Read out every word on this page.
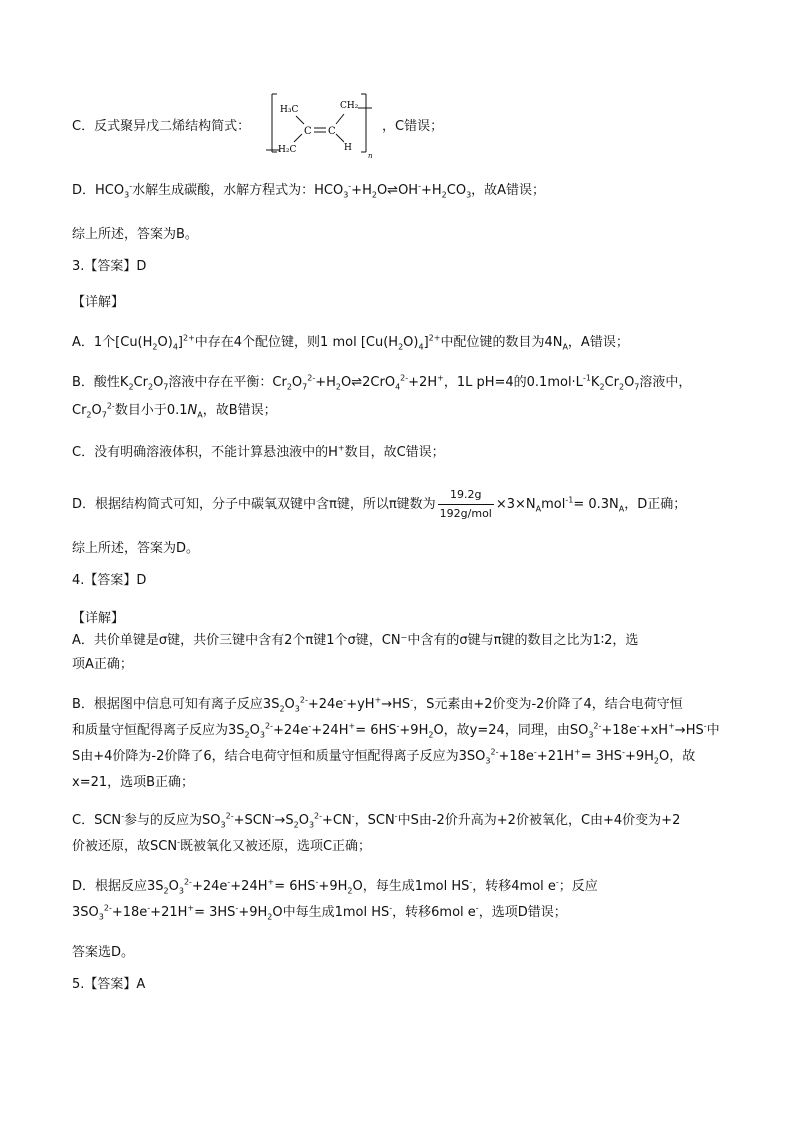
C．反式聚异戊二烯结构简式：
H₃C	CH₂
C C
H₂C	H
n
，C错误；
D．$HCO_3^-$水解生成碳酸，水解方程式为：$HCO_3^-+H_2O\rightleftharpoons OH^-+H_2CO_3$，故A错误；
综上所述，答案为B。
3.【答案】D
【详解】
A．1个$[Cu(H_2O)_4]^{2+}$中存在4个配位键，则1 mol $[Cu(H_2O)_4]^{2+}$中配位键的数目为$4N_A$，A错误；
B．酸性$K_2Cr_2O_7$溶液中存在平衡：$Cr_2O_7^{2-}+H_2O\rightleftharpoons 2CrO_4^{2-}+2H^+$，1L pH=4的$0.1mol\cdot L^{-1}K_2Cr_2O_7$溶液中，
$Cr_2O_7^{2-}$数目小于$0.1N_A$，故B错误；
C．没有明确溶液体积，不能计算悬浊液中的H+数目，故C错误；
D．根据结构简式可知，分子中碳氧双键中含π键，所以π键数为 $\frac{19.2g}{\text{192g/mol}} \times 3\times N_Amol^{-1}= 0.3N_A$，D正确；
综上所述，答案为D。
4.【答案】D
【详解】
A．共价单键是σ键，共价三键中含有2个π键1个σ键，CN⁻中含有的σ键与π键的数目之比为1∶2，选
项A正确；
B．根据图中信息可知有离子反应$3S_2O_3^{2-}+24e^-+yH^+\to HS^-$，S元素由+2价变为-2价降了4，结合电荷守恒
和质量守恒配得离子反应为$3S_2O_3^{2-}+24e^-+24H^+= 6HS^-+9H_2O$，故y=24，同理，由$SO_3^{2-}+18e^-+xH^+\to HS^-$中
S由+4价降为-2价降了6，结合电荷守恒和质量守恒配得离子反应为$3SO_3^{2-}+18e^-+21H^+= 3HS^-+9H_2O$，故
x=21，选项B正确；
C．SCN-参与的反应为$SO_3^{2-}+SCN^-\to S_2O_3^{2-}+CN^-$，SCN-中S由-2价升高为+2价被氧化，C由+4价变为+2
价被还原，故SCN-既被氧化又被还原，选项C正确；
D．根据反应$3S_2O_3^{2-}+24e^-+24H^+= 6HS^-+9H_2O$，每生成1mol HS-，转移4mol e-；反应
$3SO_3^{2-}+18e^-+21H^+= 3HS^-+9H_2O$中每生成1mol HS-，转移6mol e-，选项D错误；
答案选D。
5.【答案】A
